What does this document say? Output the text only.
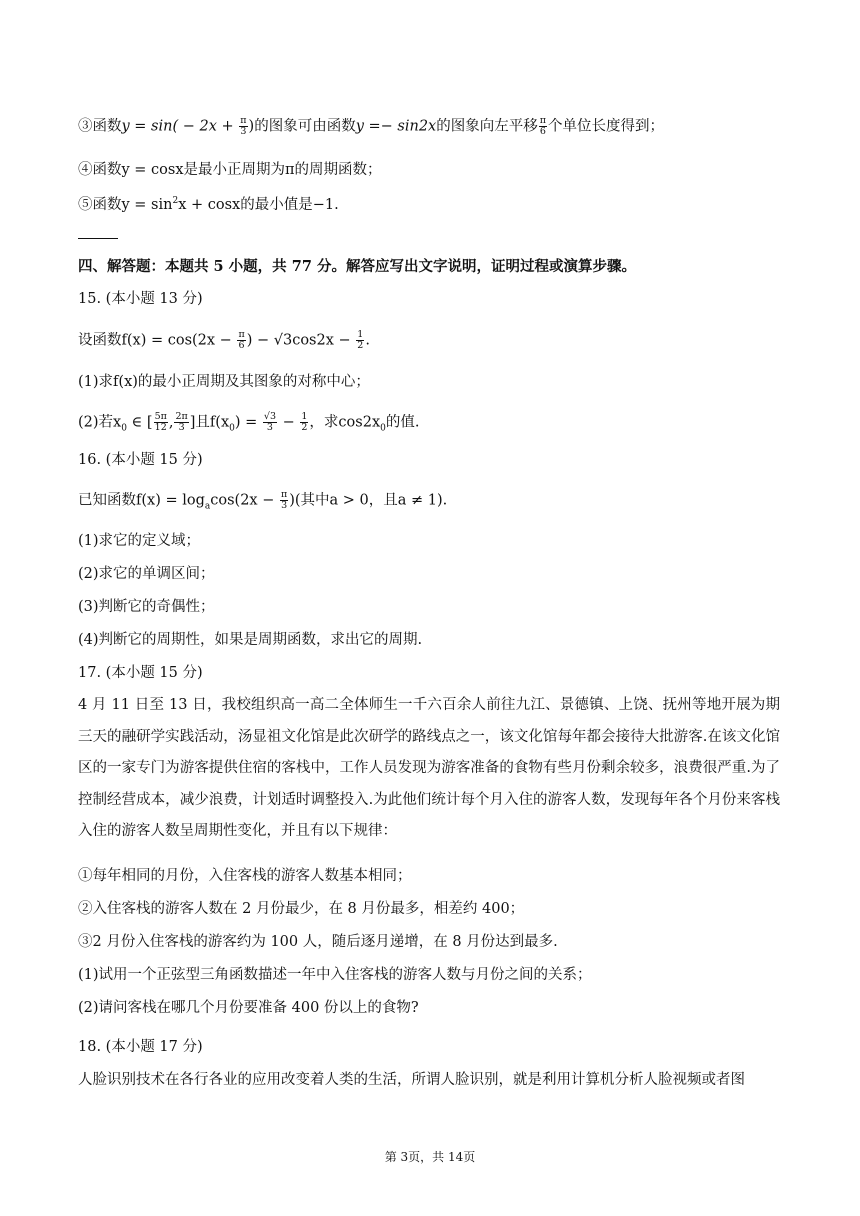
③函数$y = \sin( - 2x + \frac{\pi}{3}$ )的图象可由函数y =− sin2x的图象向左平移 $\frac{\pi}{6}$ 个单位长度得到；
④函数y = cosx是最小正周期为π的周期函数；
⑤函数$y = \sin^2x + \cos x$的最小值是−1.
四、解答题：本题共 5 小题，共 77 分。解答应写出文字说明，证明过程或演算步骤。
15. (本小题 13 分)
设函数$f(x) = \cos(2x - \frac{\pi}{6}$ ) − $√3\cos 2x - \frac{1}{2}$ .
(1)求f(x)的最小正周期及其图象的对称中心；
(2)若$x_0$ ∈ [ $\frac{5\pi}{12}$ , $\frac{2\pi}{3}$ ]且$f(x_0) = \frac{√3}{3} - \frac{1}{2}$ ，求$\cos 2x_0$的值.
16. (本小题 15 分)
已知函数$f(x) = \log_a\cos(2x - \frac{\pi}{3}$ )(其中a > 0，且a ≠ 1).
(1)求它的定义域；
(2)求它的单调区间；
(3)判断它的奇偶性；
(4)判断它的周期性，如果是周期函数，求出它的周期.
17. (本小题 15 分)
4 月 11 日至 13 日，我校组织高一高二全体师生一千六百余人前往九江、景德镇、上饶、抚州等地开展为期三天的融研学实践活动，汤显祖文化馆是此次研学的路线点之一，该文化馆每年都会接待大批游客.在该文化馆区的一家专门为游客提供住宿的客栈中，工作人员发现为游客准备的食物有些月份剩余较多，浪费很严重.为了控制经营成本，减少浪费，计划适时调整投入.为此他们统计每个月入住的游客人数，发现每年各个月份来客栈入住的游客人数呈周期性变化，并且有以下规律：
①每年相同的月份，入住客栈的游客人数基本相同；
②入住客栈的游客人数在 2 月份最少，在 8 月份最多，相差约 400；
③2 月份入住客栈的游客约为 100 人，随后逐月递增，在 8 月份达到最多.
(1)试用一个正弦型三角函数描述一年中入住客栈的游客人数与月份之间的关系；
(2)请问客栈在哪几个月份要准备 400 份以上的食物?
18. (本小题 17 分)
人脸识别技术在各行各业的应用改变着人类的生活，所谓人脸识别，就是利用计算机分析人脸视频或者图
第 3页，共 14页
